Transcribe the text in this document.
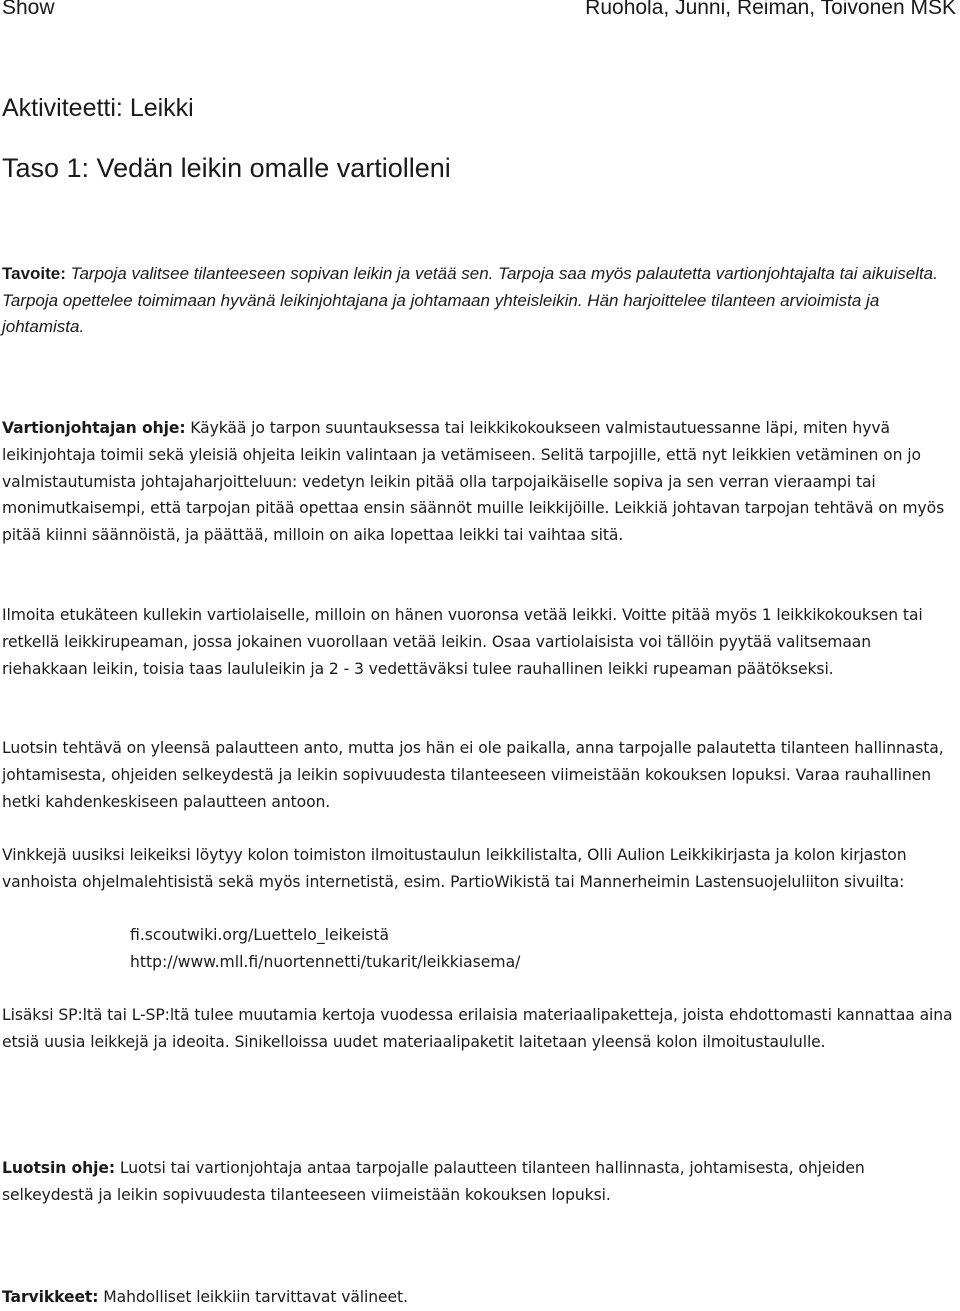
Show	Ruohola, Junni, Reiman, Toivonen MSK
Aktiviteetti: Leikki
Taso 1: Vedän leikin omalle vartiolleni

Tavoite: Tarpoja valitsee tilanteeseen sopivan leikin ja vetää sen. Tarpoja saa myös palautetta vartionjohtajalta tai aikuiselta. Tarpoja opettelee toimimaan hyvänä leikinjohtajana ja johtamaan yhteisleikin. Hän harjoittelee tilanteen arvioimista ja johtamista.

Vartionjohtajan ohje: Käykää jo tarpon suuntauksessa tai leikkikokoukseen valmistautuessanne läpi, miten hyvä leikinjohtaja toimii sekä yleisiä ohjeita leikin valintaan ja vetämiseen. Selitä tarpojille, että nyt leikkien vetäminen on jo valmistautumista johtajaharjoitteluun: vedetyn leikin pitää olla tarpojaikäiselle sopiva ja sen verran vieraampi tai monimutkaisempi, että tarpojan pitää opettaa ensin säännöt muille leikkijöille. Leikkiä johtavan tarpojan tehtävä on myös pitää kiinni säännöistä, ja päättää, milloin on aika lopettaa leikki tai vaihtaa sitä.

Ilmoita etukäteen kullekin vartiolaiselle, milloin on hänen vuoronsa vetää leikki. Voitte pitää myös 1 leikkikokouksen tai retkellä leikkirupeaman, jossa jokainen vuorollaan vetää leikin. Osaa vartiolaisista voi tällöin pyytää valitsemaan riehakkaan leikin, toisia taas laululeikin ja 2 - 3 vedettäväksi tulee rauhallinen leikki rupeaman päätökseksi.

Luotsin tehtävä on yleensä palautteen anto, mutta jos hän ei ole paikalla, anna tarpojalle palautetta tilanteen hallinnasta, johtamisesta, ohjeiden selkeydestä ja leikin sopivuudesta tilanteeseen viimeistään kokouksen lopuksi. Varaa rauhallinen hetki kahdenkeskiseen palautteen antoon.

Vinkkejä uusiksi leikeiksi löytyy kolon toimiston ilmoitustaulun leikkilistalta, Olli Aulion Leikkikirjasta ja kolon kirjaston vanhoista ohjelmalehtisistä sekä myös internetistä, esim. PartioWikistä tai Mannerheimin Lastensuojeluliiton sivuilta:

fi.scoutwiki.org/Luettelo_leikeistä
http://www.mll.fi/nuortennetti/tukarit/leikkiasema/

Lisäksi SP:ltä tai L-SP:ltä tulee muutamia kertoja vuodessa erilaisia materiaalipaketteja, joista ehdottomasti kannattaa aina etsiä uusia leikkejä ja ideoita. Sinikelloissa uudet materiaalipaketit laitetaan yleensä kolon ilmoitustaululle.

Luotsin ohje: Luotsi tai vartionjohtaja antaa tarpojalle palautteen tilanteen hallinnasta, johtamisesta, ohjeiden selkeydestä ja leikin sopivuudesta tilanteeseen viimeistään kokouksen lopuksi.

Tarvikkeet: Mahdolliset leikkiin tarvittavat välineet.
